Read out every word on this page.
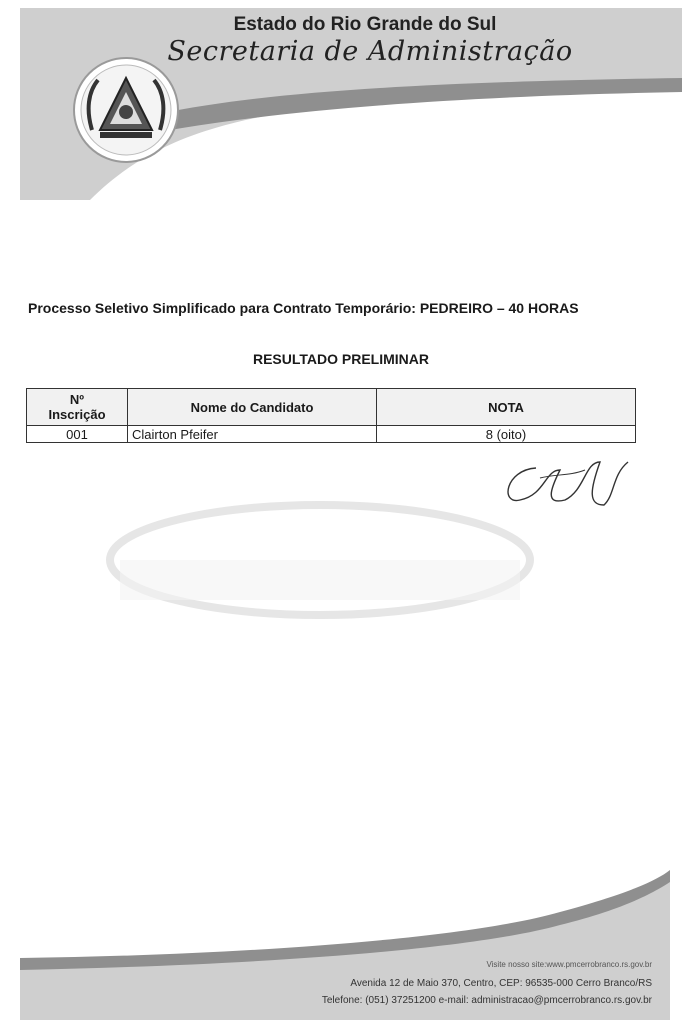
Estado do Rio Grande do Sul
Secretaria de Administração
Processo Seletivo Simplificado para Contrato Temporário: PEDREIRO – 40 HORAS
RESULTADO PRELIMINAR
Nº
Inscrição	Nome do Candidato	NOTA
001	Clairton Pfeifer	8 (oito)
Visite nosso site:www.pmcerrobranco.rs.gov.br
Avenida 12 de Maio 370, Centro, CEP: 96535-000 Cerro Branco/RS
Telefone: (051) 37251200 e-mail: administracao@pmcerrobranco.rs.gov.br
